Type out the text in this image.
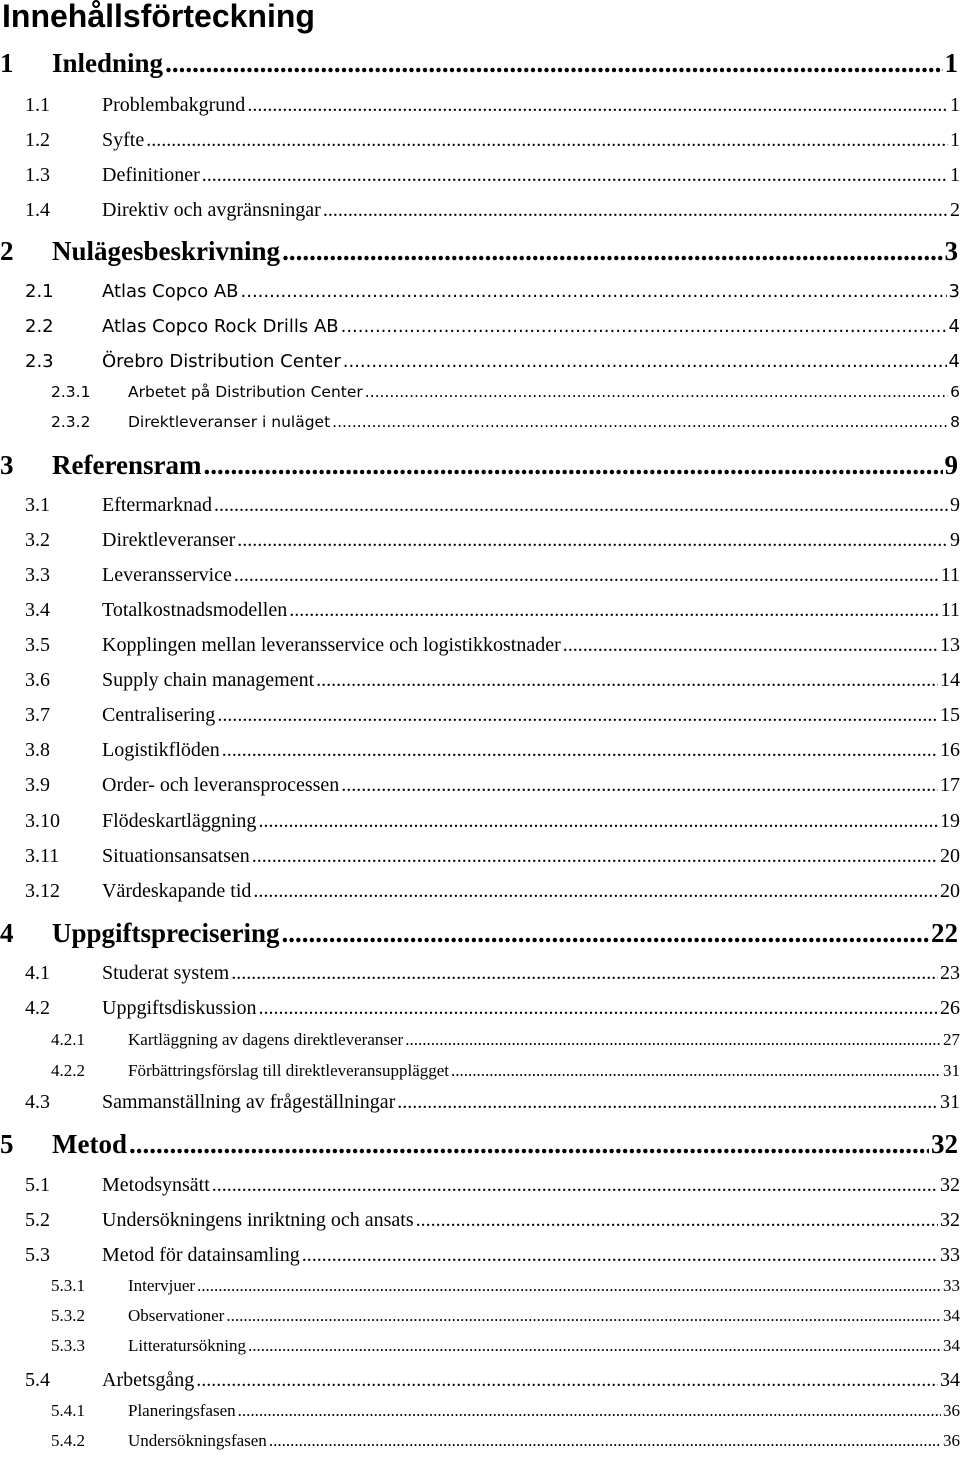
Innehållsförteckning
1	Inledning .....	1
1.1	Problembakgrund .....	1
1.2	Syfte .....	1
1.3	Definitioner .....	1
1.4	Direktiv och avgränsningar .....	2
2	Nulägesbeskrivning .....	3
2.1	Atlas Copco AB .....	3
2.2	Atlas Copco Rock Drills AB .....	4
2.3	Örebro Distribution Center .....	4
2.3.1	Arbetet på Distribution Center .....	6
2.3.2	Direktleveranser i nuläget .....	8
3	Referensram .....	9
3.1	Eftermarknad .....	9
3.2	Direktleveranser .....	9
3.3	Leveransservice .....	11
3.4	Totalkostnadsmodellen .....	11
3.5	Kopplingen mellan leveransservice och logistikkostnader .....	13
3.6	Supply chain management .....	14
3.7	Centralisering .....	15
3.8	Logistikflöden .....	16
3.9	Order- och leveransprocessen .....	17
3.10	Flödeskartläggning .....	19
3.11	Situationsansatsen .....	20
3.12	Värdeskapande tid .....	20
4	Uppgiftsprecisering .....	22
4.1	Studerat system .....	23
4.2	Uppgiftsdiskussion .....	26
4.2.1	Kartläggning av dagens direktleveranser .....	27
4.2.2	Förbättringsförslag till direktleveransupplägget .....	31
4.3	Sammanställning av frågeställningar .....	31
5	Metod .....	32
5.1	Metodsynsätt .....	32
5.2	Undersökningens inriktning och ansats .....	32
5.3	Metod för datainsamling .....	33
5.3.1	Intervjuer .....	33
5.3.2	Observationer .....	34
5.3.3	Litteratursökning .....	34
5.4	Arbetsgång .....	34
5.4.1	Planeringsfasen .....	36
5.4.2	Undersökningsfasen .....	36
